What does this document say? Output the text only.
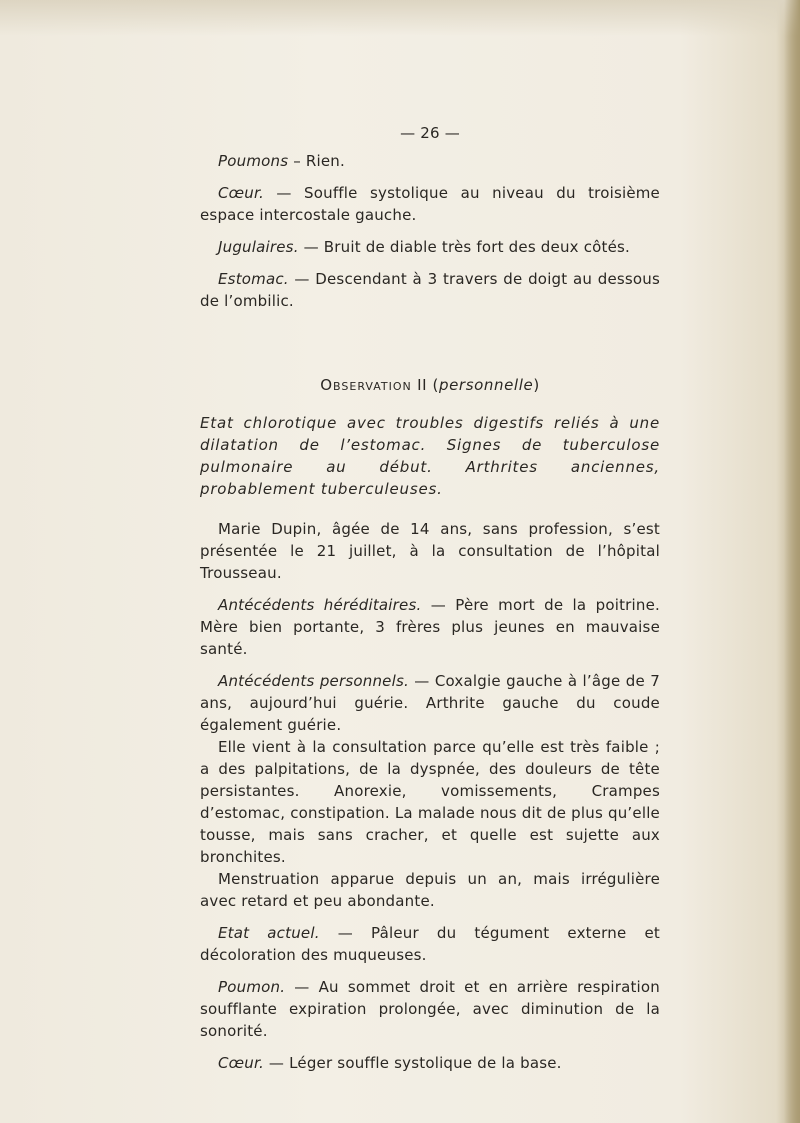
— 26 —

Poumons – Rien.

Cœur. — Souffle systolique au niveau du troisième espace intercostale gauche.

Jugulaires. — Bruit de diable très fort des deux côtés.

Estomac. — Descendant à 3 travers de doigt au dessous de l’ombilic.

Observation II (personnelle)

Etat chlorotique avec troubles digestifs reliés à une dilatation de l’estomac. Signes de tuberculose pulmonaire au début. Arthrites anciennes, probablement tuberculeuses.

Marie Dupin, âgée de 14 ans, sans profession, s’est présentée le 21 juillet, à la consultation de l’hôpital Trousseau.

Antécédents héréditaires. — Père mort de la poitrine. Mère bien portante, 3 frères plus jeunes en mauvaise santé.

Antécédents personnels. — Coxalgie gauche à l’âge de 7 ans, aujourd’hui guérie. Arthrite gauche du coude également guérie.

Elle vient à la consultation parce qu’elle est très faible ; a des palpitations, de la dyspnée, des douleurs de tête persistantes. Anorexie, vomissements, Crampes d’estomac, constipation. La malade nous dit de plus qu’elle tousse, mais sans cracher, et quelle est sujette aux bronchites.

Menstruation apparue depuis un an, mais irrégulière avec retard et peu abondante.

Etat actuel. — Pâleur du tégument externe et décoloration des muqueuses.

Poumon. — Au sommet droit et en arrière respiration soufflante expiration prolongée, avec diminution de la sonorité.

Cœur. — Léger souffle systolique de la base.
